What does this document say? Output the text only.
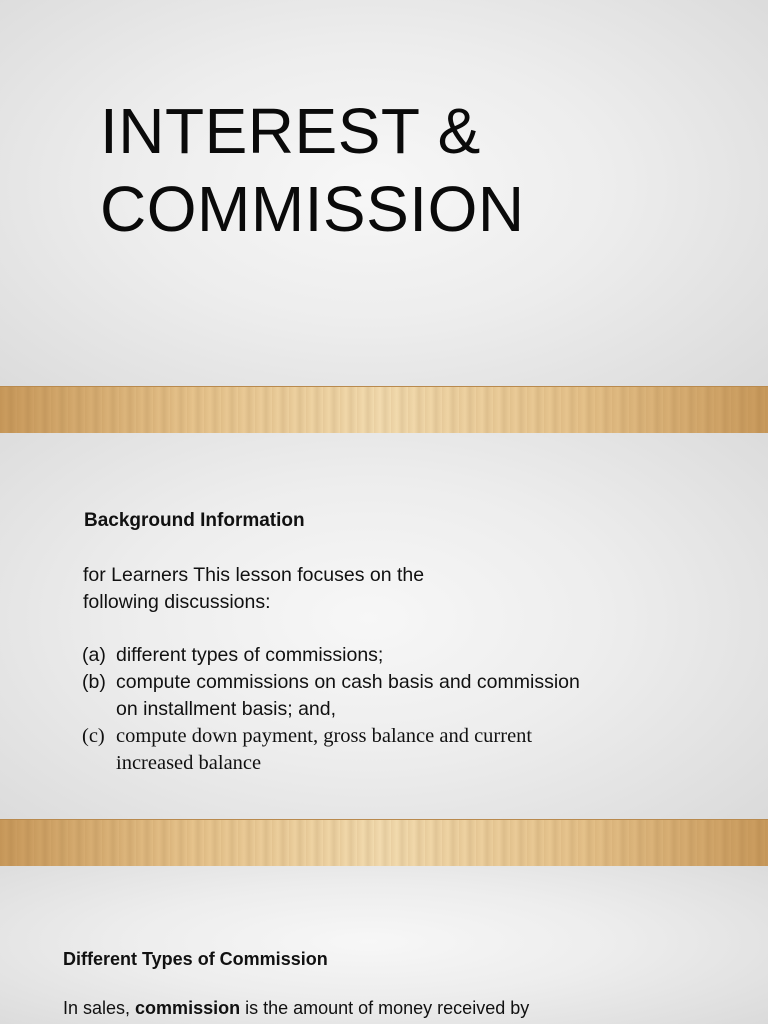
INTEREST &
COMMISSION
Background Information
for Learners This lesson focuses on the
following discussions:
(a) different types of commissions;
(b) compute commissions on cash basis and commission on installment basis; and,
(c) compute down payment, gross balance and current increased balance
Different Types of Commission
In sales, commission is the amount of money received by
